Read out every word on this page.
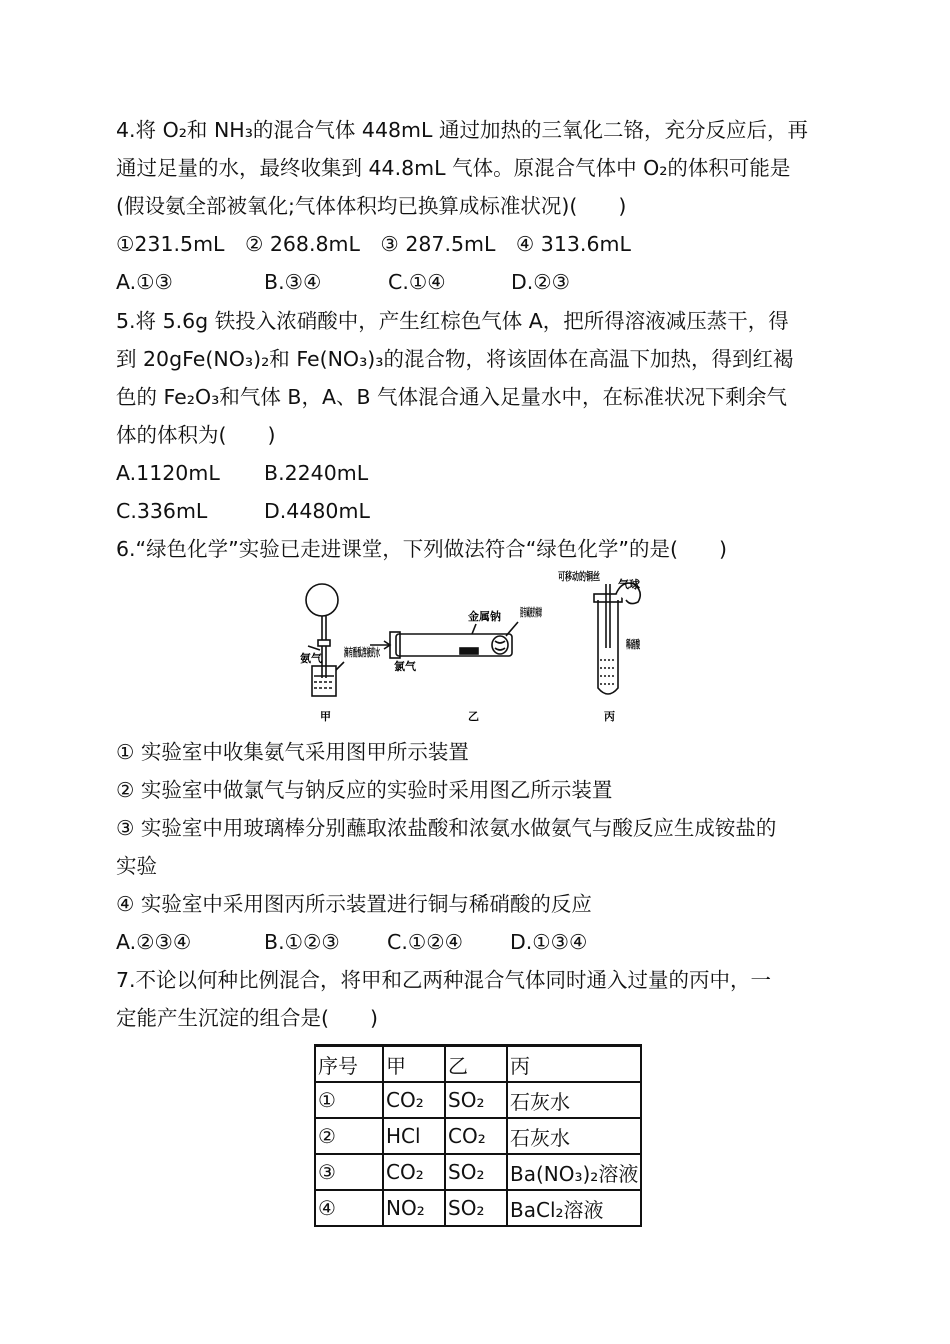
4.将 O₂和 NH₃的混合气体 448mL 通过加热的三氧化二铬，充分反应后，再
通过足量的水，最终收集到 44.8mL 气体。原混合气体中 O₂的体积可能是
(假设氨全部被氧化;气体体积均已换算成标准状况)(　　)
①231.5mL　② 268.8mL　③ 287.5mL　④ 313.6mL
A.①③	B.③④	C.①④	D.②③
5.将 5.6g 铁投入浓硝酸中，产生红棕色气体 A，把所得溶液减压蒸干，得
到 20gFe(NO₃)₂和 Fe(NO₃)₃的混合物，将该固体在高温下加热，得到红褐
色的 Fe₂O₃和气体 B，A、B 气体混合通入足量水中，在标准状况下剩余气
体的体积为(　　)
A.1120mL B.2240mL
C.336mL	D.4480mL
6.“绿色化学”实验已走进课堂，下列做法符合“绿色化学”的是(　　)
氨气 滴有酚酞溶液的水
甲
金属钠
氯气
浸有碱液的棉球
乙
可移动的铜丝
气球
稀硝酸
丙
① 实验室中收集氨气采用图甲所示装置
② 实验室中做氯气与钠反应的实验时采用图乙所示装置
③ 实验室中用玻璃棒分别蘸取浓盐酸和浓氨水做氨气与酸反应生成铵盐的
实验
④ 实验室中采用图丙所示装置进行铜与稀硝酸的反应
A.②③④	B.①②③ C.①②④ D.①③④
7.不论以何种比例混合，将甲和乙两种混合气体同时通入过量的丙中，一
定能产生沉淀的组合是(　　)
序号	甲	乙	丙
①	CO₂	SO₂	石灰水
②	HCl	CO₂	石灰水
③	CO₂	SO₂	Ba(NO₃)₂溶液
④	NO₂	SO₂	BaCl₂溶液
